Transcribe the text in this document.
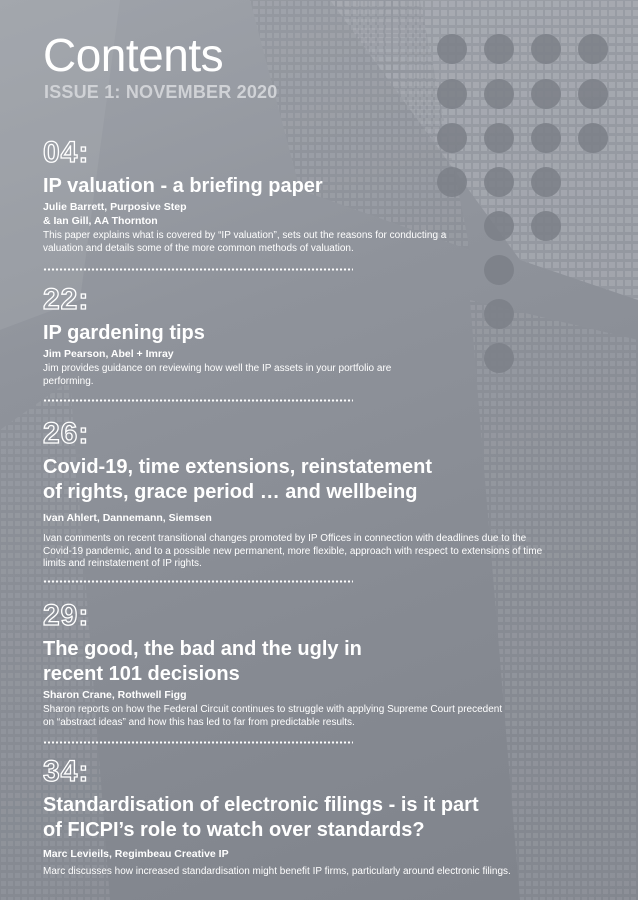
Contents
ISSUE 1: NOVEMBER 2020
04:
IP valuation - a briefing paper
Julie Barrett, Purposive Step
& Ian Gill, AA Thornton
This paper explains what is covered by “IP valuation”, sets out the reasons for conducting a valuation and details some of the more common methods of valuation.
22:
IP gardening tips
Jim Pearson, Abel + Imray
Jim provides guidance on reviewing how well the IP assets in your portfolio are performing.
26:
Covid-19, time extensions, reinstatement
of rights, grace period … and wellbeing
Ivan Ahlert, Dannemann, Siemsen
Ivan comments on recent transitional changes promoted by IP Offices in connection with deadlines due to the Covid-19 pandemic, and to a possible new permanent, more flexible, approach with respect to extensions of time limits and reinstatement of IP rights.
29:
The good, the bad and the ugly in
recent 101 decisions
Sharon Crane, Rothwell Figg
Sharon reports on how the Federal Circuit continues to struggle with applying Supreme Court precedent on “abstract ideas” and how this has led to far from predictable results.
34:
Standardisation of electronic filings - is it part
of FICPI’s role to watch over standards?
Marc Levieils, Regimbeau Creative IP
Marc discusses how increased standardisation might benefit IP firms, particularly around electronic filings.
